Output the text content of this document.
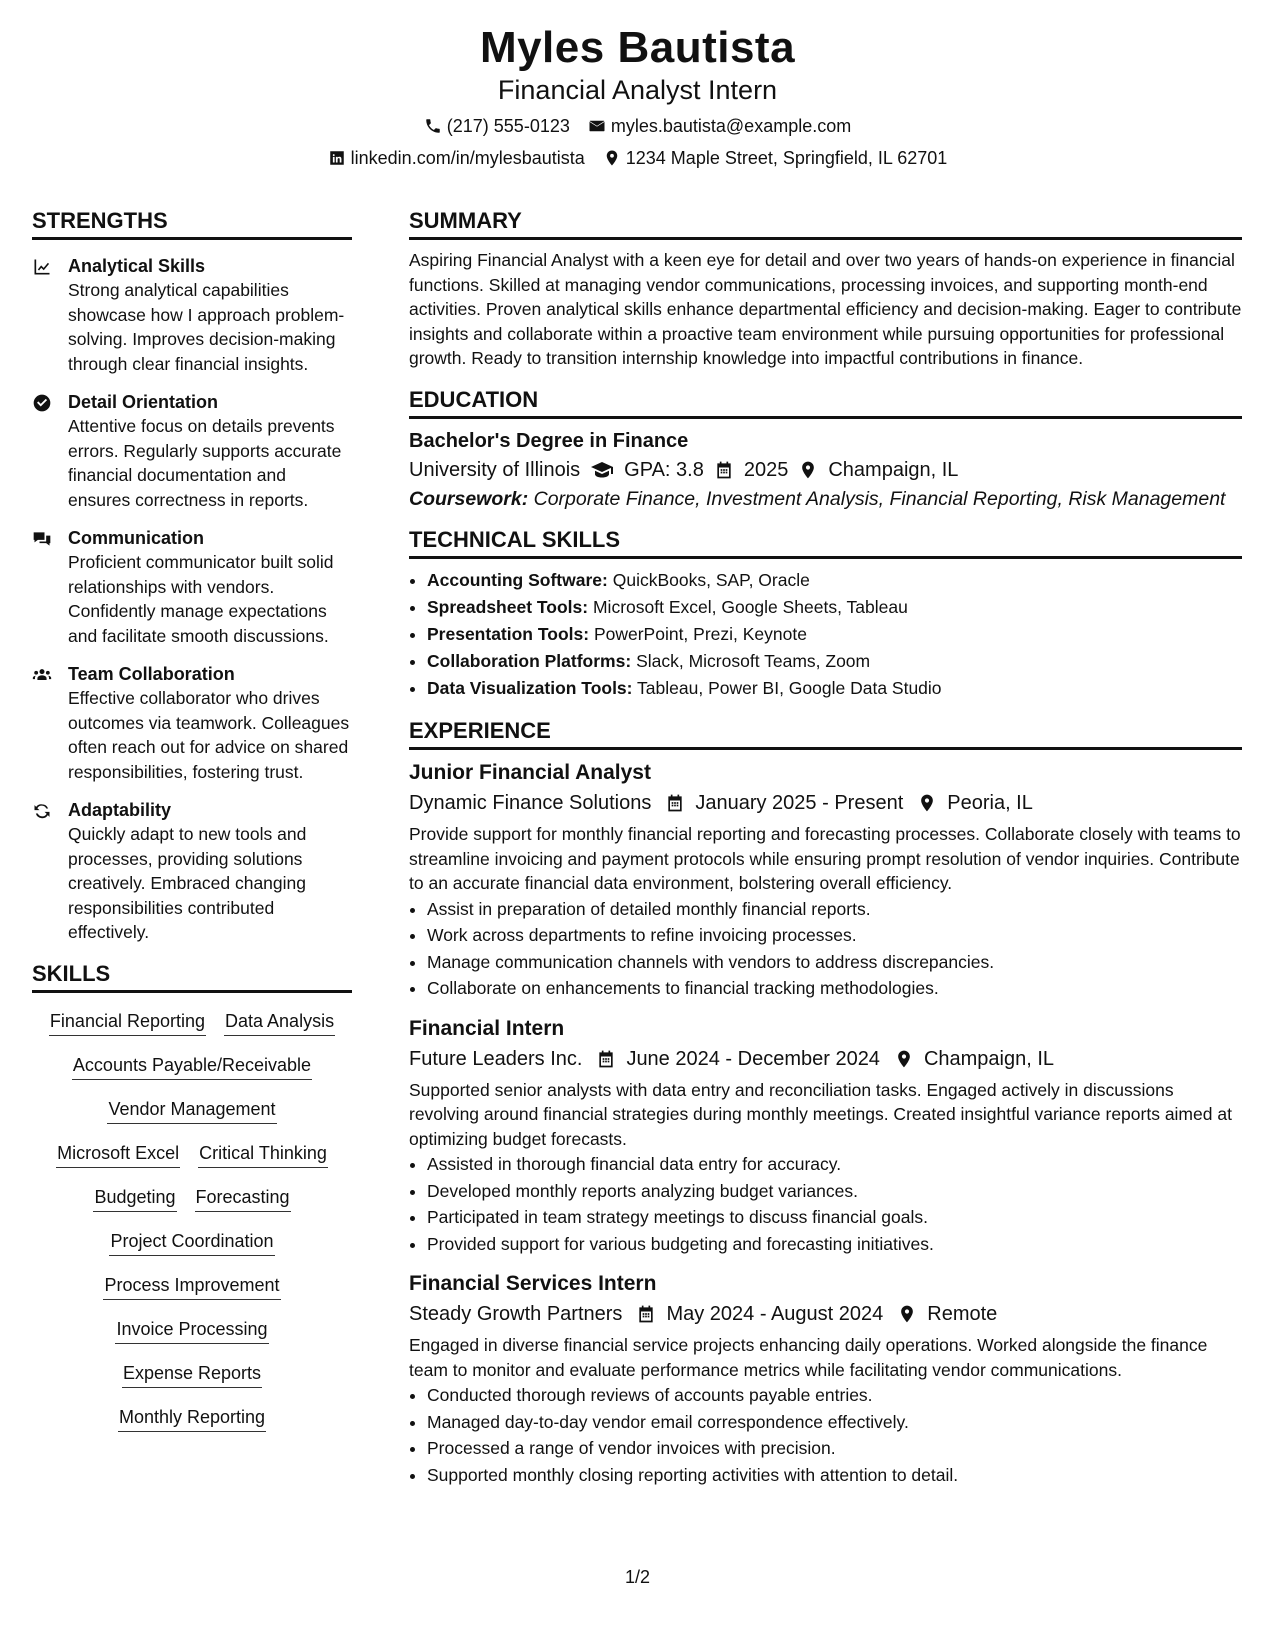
Myles Bautista
Financial Analyst Intern
(217) 555-0123 myles.bautista@example.com
linkedin.com/in/mylesbautista 1234 Maple Street, Springfield, IL 62701
STRENGTHS
Analytical Skills
Strong analytical capabilities showcase how I approach problem-solving. Improves decision-making through clear financial insights.
Detail Orientation
Attentive focus on details prevents errors. Regularly supports accurate financial documentation and ensures correctness in reports.
Communication
Proficient communicator built solid relationships with vendors. Confidently manage expectations and facilitate smooth discussions.
Team Collaboration
Effective collaborator who drives outcomes via teamwork. Colleagues often reach out for advice on shared responsibilities, fostering trust.
Adaptability
Quickly adapt to new tools and processes, providing solutions creatively. Embraced changing responsibilities contributed effectively.
SKILLS
Financial Reporting Data Analysis
Accounts Payable/Receivable
Vendor Management
Microsoft Excel Critical Thinking
Budgeting Forecasting
Project Coordination
Process Improvement
Invoice Processing
Expense Reports
Monthly Reporting
SUMMARY
Aspiring Financial Analyst with a keen eye for detail and over two years of hands-on experience in financial functions. Skilled at managing vendor communications, processing invoices, and supporting month-end activities. Proven analytical skills enhance departmental efficiency and decision-making. Eager to contribute insights and collaborate within a proactive team environment while pursuing opportunities for professional growth. Ready to transition internship knowledge into impactful contributions in finance.
EDUCATION
Bachelor's Degree in Finance
University of Illinois GPA: 3.8 2025 Champaign, IL
Coursework: Corporate Finance, Investment Analysis, Financial Reporting, Risk Management
TECHNICAL SKILLS
• Accounting Software: QuickBooks, SAP, Oracle
• Spreadsheet Tools: Microsoft Excel, Google Sheets, Tableau
• Presentation Tools: PowerPoint, Prezi, Keynote
• Collaboration Platforms: Slack, Microsoft Teams, Zoom
• Data Visualization Tools: Tableau, Power BI, Google Data Studio
EXPERIENCE
Junior Financial Analyst
Dynamic Finance Solutions January 2025 - Present Peoria, IL
Provide support for monthly financial reporting and forecasting processes. Collaborate closely with teams to streamline invoicing and payment protocols while ensuring prompt resolution of vendor inquiries. Contribute to an accurate financial data environment, bolstering overall efficiency.
• Assist in preparation of detailed monthly financial reports.
• Work across departments to refine invoicing processes.
• Manage communication channels with vendors to address discrepancies.
• Collaborate on enhancements to financial tracking methodologies.
Financial Intern
Future Leaders Inc. June 2024 - December 2024 Champaign, IL
Supported senior analysts with data entry and reconciliation tasks. Engaged actively in discussions revolving around financial strategies during monthly meetings. Created insightful variance reports aimed at optimizing budget forecasts.
• Assisted in thorough financial data entry for accuracy.
• Developed monthly reports analyzing budget variances.
• Participated in team strategy meetings to discuss financial goals.
• Provided support for various budgeting and forecasting initiatives.
Financial Services Intern
Steady Growth Partners May 2024 - August 2024 Remote
Engaged in diverse financial service projects enhancing daily operations. Worked alongside the finance team to monitor and evaluate performance metrics while facilitating vendor communications.
• Conducted thorough reviews of accounts payable entries.
• Managed day-to-day vendor email correspondence effectively.
• Processed a range of vendor invoices with precision.
• Supported monthly closing reporting activities with attention to detail.
1/2
